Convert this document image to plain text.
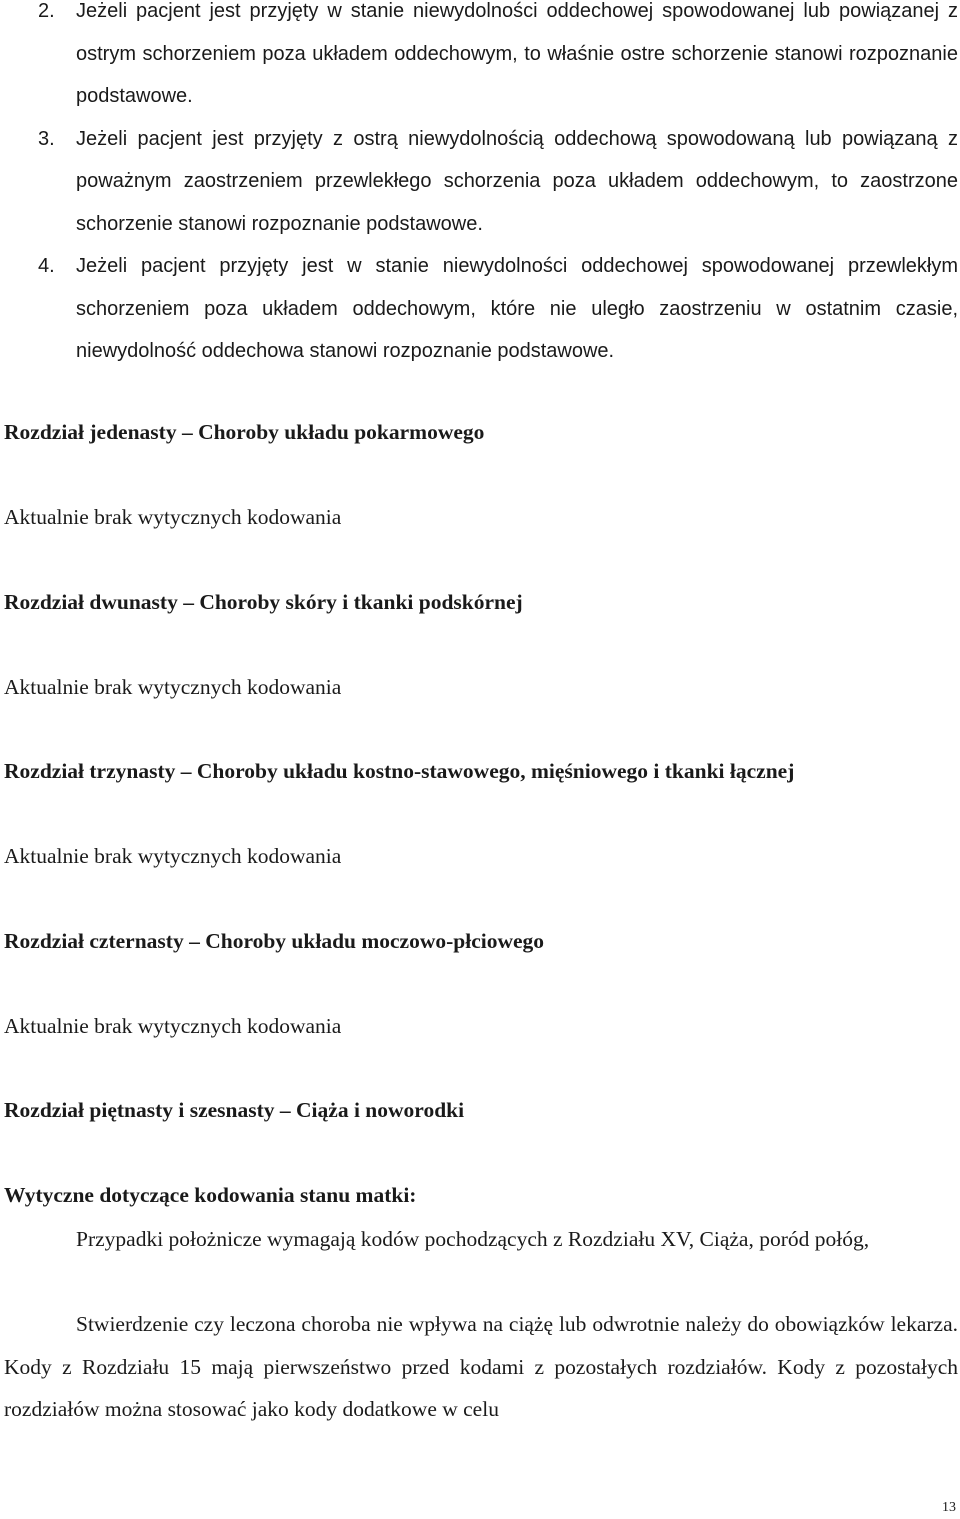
2.	Jeżeli pacjent jest przyjęty w stanie niewydolności oddechowej spowodowanej lub powiązanej z ostrym schorzeniem poza układem oddechowym, to właśnie ostre schorzenie stanowi rozpoznanie podstawowe.
3.	Jeżeli pacjent jest przyjęty z ostrą niewydolnością oddechową spowodowaną lub powiązaną z poważnym zaostrzeniem przewlekłego schorzenia poza układem oddechowym, to zaostrzone schorzenie stanowi rozpoznanie podstawowe.
4.	Jeżeli pacjent przyjęty jest w stanie niewydolności oddechowej spowodowanej przewlekłym schorzeniem poza układem oddechowym, które nie uległo zaostrzeniu w ostatnim czasie, niewydolność oddechowa stanowi rozpoznanie podstawowe.
Rozdział jedenasty – Choroby układu pokarmowego
Aktualnie brak wytycznych kodowania
Rozdział dwunasty – Choroby skóry i tkanki podskórnej
Aktualnie brak wytycznych kodowania
Rozdział trzynasty – Choroby układu kostno-stawowego, mięśniowego i tkanki łącznej
Aktualnie brak wytycznych kodowania
Rozdział czternasty – Choroby układu moczowo-płciowego
Aktualnie brak wytycznych kodowania
Rozdział piętnasty i szesnasty – Ciąża i noworodki
Wytyczne dotyczące kodowania stanu matki:
Przypadki położnicze wymagają kodów pochodzących z Rozdziału XV, Ciąża, poród połóg,
Stwierdzenie czy leczona choroba nie wpływa na ciążę lub odwrotnie należy do obowiązków lekarza. Kody z Rozdziału 15 mają pierwszeństwo przed kodami z pozostałych rozdziałów. Kody z pozostałych rozdziałów można stosować jako kody dodatkowe w celu
13
